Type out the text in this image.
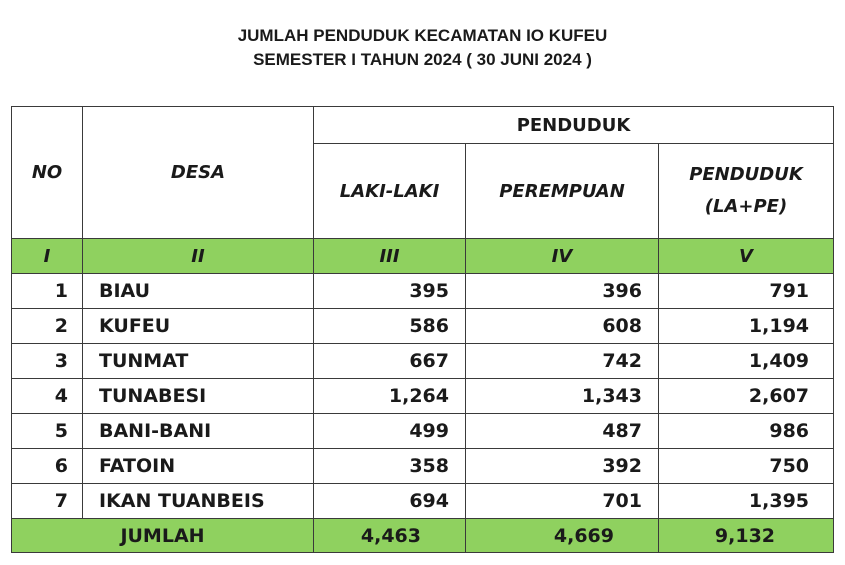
JUMLAH PENDUDUK KECAMATAN IO KUFEU
SEMESTER I TAHUN 2024 ( 30 JUNI 2024 )
NO	DESA	PENDUDUK		
		LAKI-LAKI	PEREMPUAN	PENDUDUK
(LA+PE)

I	II	III	IV	V
1	BIAU	395	396	791
2	KUFEU	586	608	1,194
3	TUNMAT	667	742	1,409
4	TUNABESI	1,264	1,343	2,607
5	BANI-BANI	499	487	986
6	FATOIN	358	392	750
7	IKAN TUANBEIS	694	701	1,395
JUMLAH		4,463	4,669	9,132
